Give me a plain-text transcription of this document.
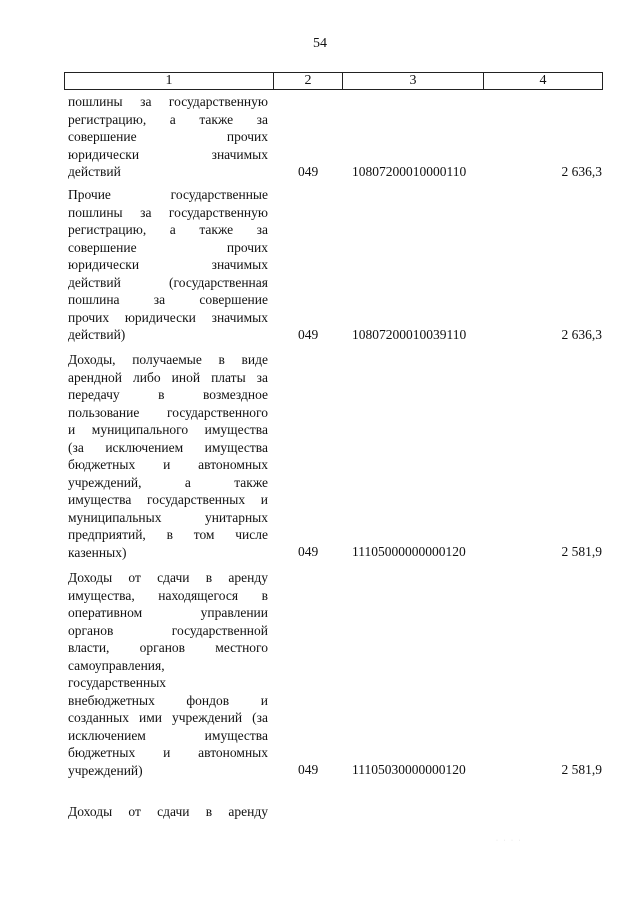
54
1	2	3	4
пошлины за государственную
регистрацию, а также за
совершение прочих
юридически значимых
действий	049	10807200010000110	2 636,3
Прочие государственные
пошлины за государственную
регистрацию, а также за
совершение прочих
юридически значимых
действий (государственная
пошлина за совершение
прочих юридически значимых
действий)	049	10807200010039110	2 636,3
Доходы, получаемые в виде
арендной либо иной платы за
передачу в возмездное
пользование государственного
и муниципального имущества
(за исключением имущества
бюджетных и автономных
учреждений, а также
имущества государственных и
муниципальных унитарных
предприятий, в том числе
казенных)	049	11105000000000120	2 581,9
Доходы от сдачи в аренду
имущества, находящегося в
оперативном управлении
органов государственной
власти, органов местного
самоуправления,
государственных
внебюджетных фондов и
созданных ими учреждений (за
исключением имущества
бюджетных и автономных
учреждений)	049	11105030000000120	2 581,9
Доходы от сдачи в аренду
· · · ·
